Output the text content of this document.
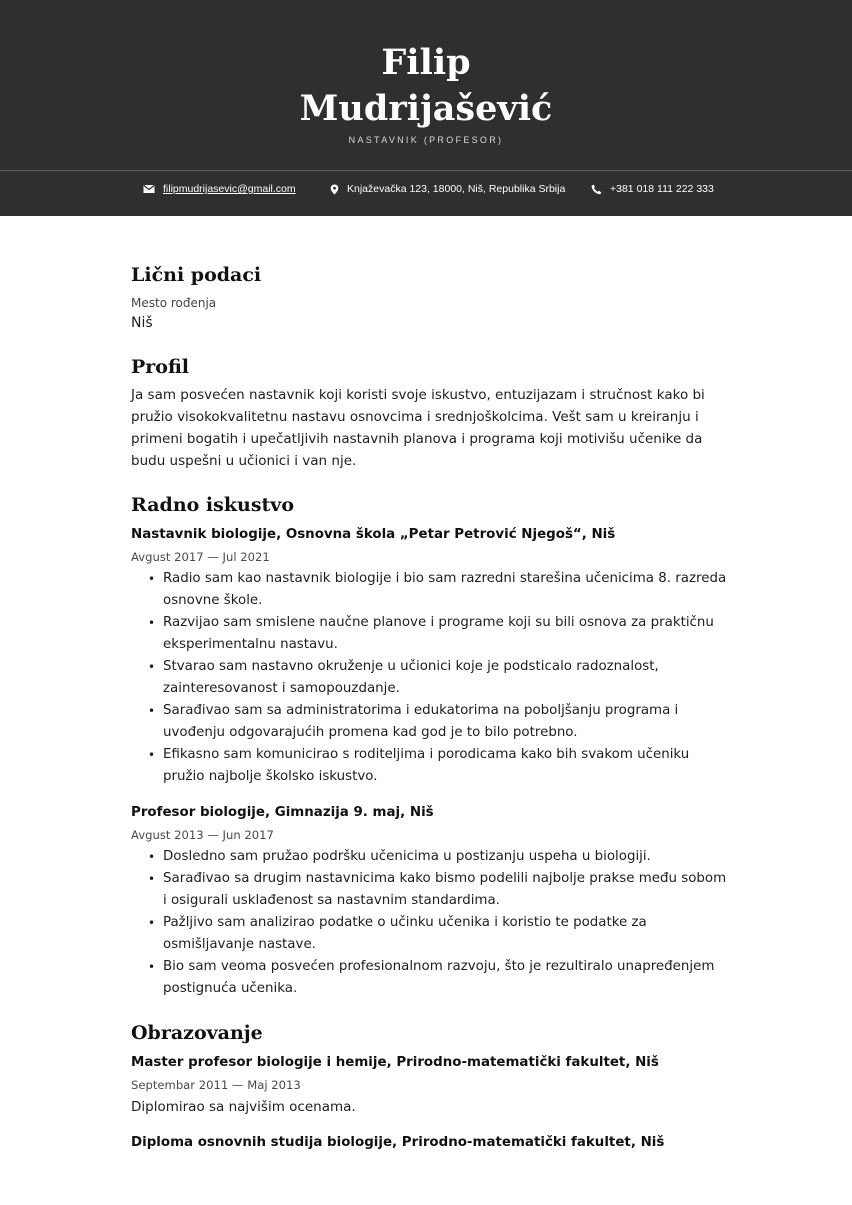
Filip
Mudrijašević
NASTAVNIK (PROFESOR)
filipmudrijasevic@gmail.com	Knjaževačka 123, 18000, Niš, Republika Srbija	+381 018 111 222 333
Lični podaci
Mesto rođenja
Niš
Profil

Ja sam posvećen nastavnik koji koristi svoje iskustvo, entuzijazam i stručnost kako bi pružio visokokvalitetnu nastavu osnovcima i srednjoškolcima. Vešt sam u kreiranju i primeni bogatih i upečatljivih nastavnih planova i programa koji motivišu učenike da budu uspešni u učionici i van nje.

Radno iskustvo
Nastavnik biologije, Osnovna škola „Petar Petrović Njegoš“, Niš
Avgust 2017 — Jul 2021
• Radio sam kao nastavnik biologije i bio sam razredni starešina učenicima 8. razreda osnovne škole.
• Razvijao sam smislene naučne planove i programe koji su bili osnova za praktičnu eksperimentalnu nastavu.
• Stvarao sam nastavno okruženje u učionici koje je podsticalo radoznalost, zainteresovanost i samopouzdanje.
• Sarađivao sam sa administratorima i edukatorima na poboljšanju programa i uvođenju odgovarajućih promena kad god je to bilo potrebno.
• Efikasno sam komunicirao s roditeljima i porodicama kako bih svakom učeniku pružio najbolje školsko iskustvo.
Profesor biologije, Gimnazija 9. maj, Niš
Avgust 2013 — Jun 2017
• Dosledno sam pružao podršku učenicima u postizanju uspeha u biologiji.
• Sarađivao sa drugim nastavnicima kako bismo podelili najbolje prakse među sobom i osigurali usklađenost sa nastavnim standardima.
• Pažljivo sam analizirao podatke o učinku učenika i koristio te podatke za osmišljavanje nastave.
• Bio sam veoma posvećen profesionalnom razvoju, što je rezultiralo unapređenjem postignuća učenika.
Obrazovanje
Master profesor biologije i hemije, Prirodno-matematički fakultet, Niš
Septembar 2011 — Maj 2013
Diplomirao sa najvišim ocenama.
Diploma osnovnih studija biologije, Prirodno-matematički fakultet, Niš
